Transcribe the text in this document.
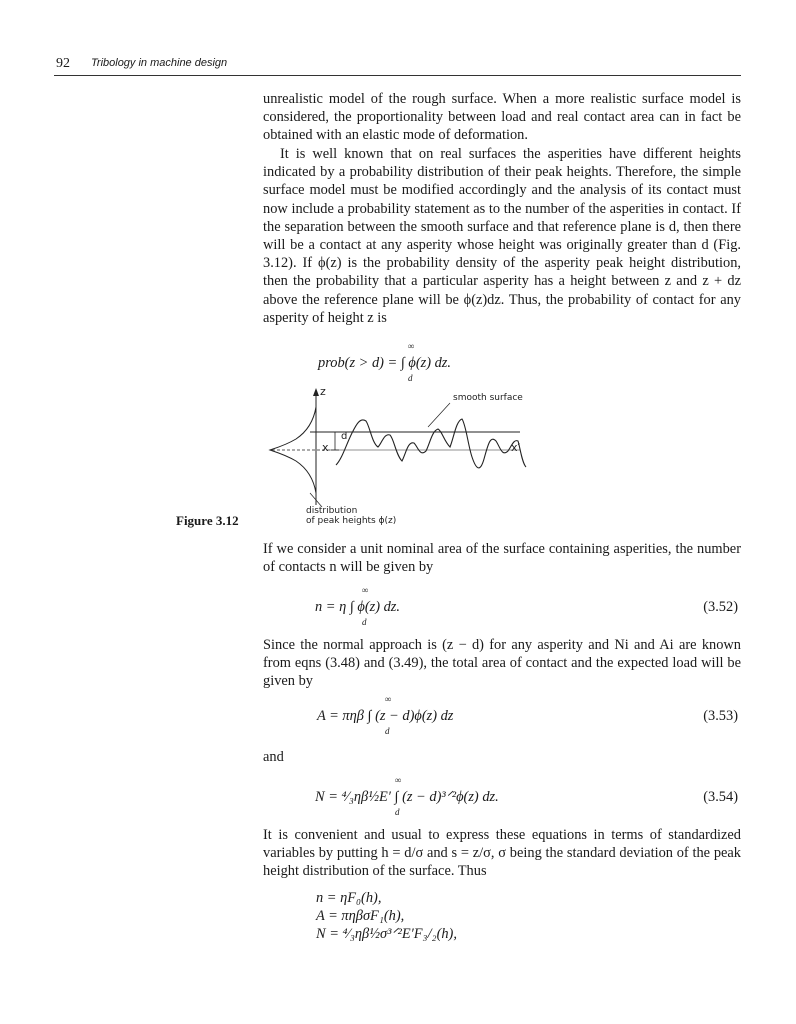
92 Tribology in machine design

unrealistic model of the rough surface. When a more realistic surface model is considered, the proportionality between load and real contact area can in fact be obtained with an elastic mode of deformation.

It is well known that on real surfaces the asperities have different heights indicated by a probability distribution of their peak heights. Therefore, the simple surface model must be modified accordingly and the analysis of its contact must now include a probability statement as to the number of the asperities in contact. If the separation between the smooth surface and that reference plane is d, then there will be a contact at any asperity whose height was originally greater than d (Fig. 3.12). If ϕ(z) is the probability density of the asperity peak height distribution, then the probability that a particular asperity has a height between z and z + dz above the reference plane will be ϕ(z)dz. Thus, the probability of contact for any asperity of height z is

prob(z > d) = ∫ ϕ(z) dz.
∞
d
z	smooth surface
x
d
x′
distribution
of peak heights ϕ(z)
Figure 3.12

If we consider a unit nominal area of the surface containing asperities, the number of contacts n will be given by

n = η ∫ ϕ(z) dz.
∞
d
(3.52)

Since the normal approach is (z − d) for any asperity and Ni and Ai are known from eqns (3.48) and (3.49), the total area of contact and the expected load will be given by

A = πηβ ∫ (z − d)ϕ(z) dz
∞
d
(3.53)

and

N = ⁴⁄₃ηβ½E′ ∫ (z − d)³ᐟ²ϕ(z) dz.
∞
d
(3.54)

It is convenient and usual to express these equations in terms of standardized variables by putting h = d/σ and s = z/σ, σ being the standard deviation of the peak height distribution of the surface. Thus

n = ηF₀(h),
A = πηβσF₁(h),
N = ⁴⁄₃ηβ½σ³ᐟ²E′F₃/₂(h),
